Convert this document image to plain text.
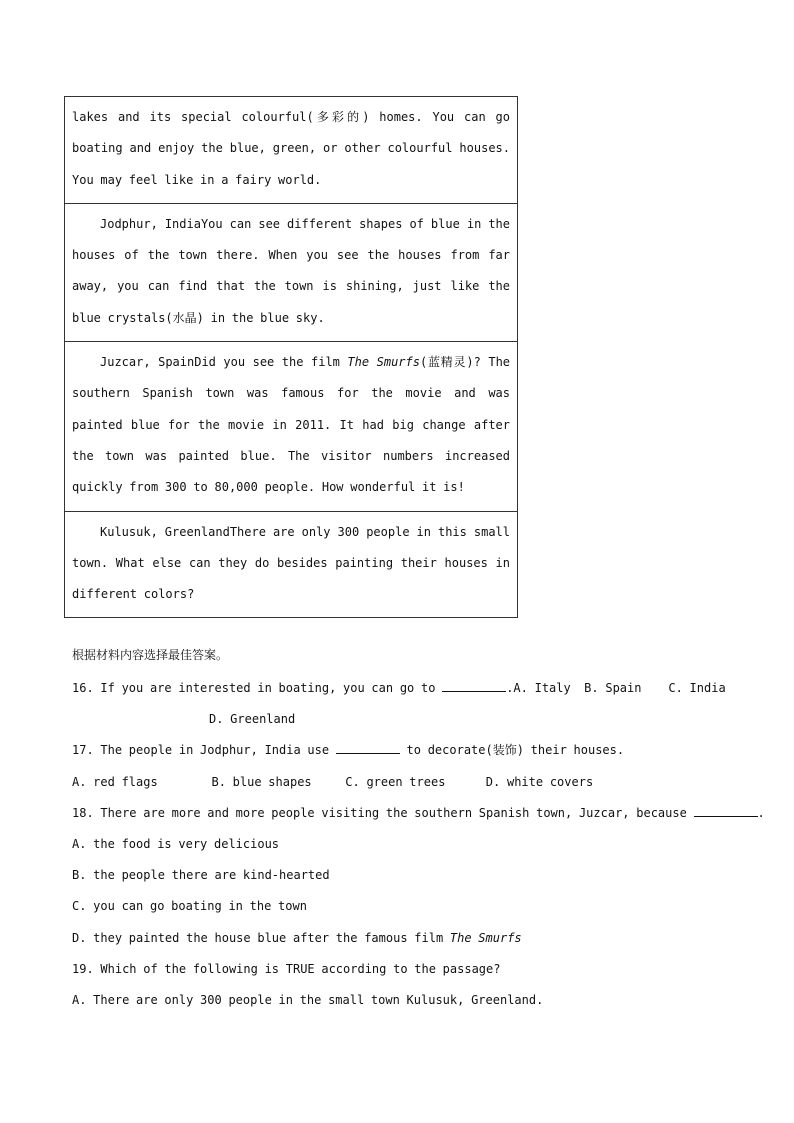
lakes and its special colourful(多彩的) homes. You can go boating and enjoy the blue, green, or other colourful houses. You may feel like in a fairy world.
Jodphur, IndiaYou can see different shapes of blue in the houses of the town there. When you see the houses from far away, you can find that the town is shining, just like the blue crystals(水晶) in the blue sky.
Juzcar, SpainDid you see the film The Smurfs(蓝精灵)? The southern Spanish town was famous for the movie and was painted blue for the movie in 2011. It had big change after the town was painted blue. The visitor numbers increased quickly from 300 to 80,000 people. How wonderful it is!
Kulusuk, GreenlandThere are only 300 people in this small town. What else can they do besides painting their houses in different colors?

根据材料内容选择最佳答案。

16. If you are interested in boating, you can go to	.A. Italy B. Spain C. India
D. Greenland
17. The people in Jodphur, India use	to decorate(装饰) their houses.
A. red flags	B. blue shapes	C. green trees	D. white covers
18. There are more and more people visiting the southern Spanish town, Juzcar, because	.
A. the food is very delicious
B. the people there are kind-hearted
C. you can go boating in the town
D. they painted the house blue after the famous film The Smurfs
19. Which of the following is TRUE according to the passage?
A. There are only 300 people in the small town Kulusuk, Greenland.
